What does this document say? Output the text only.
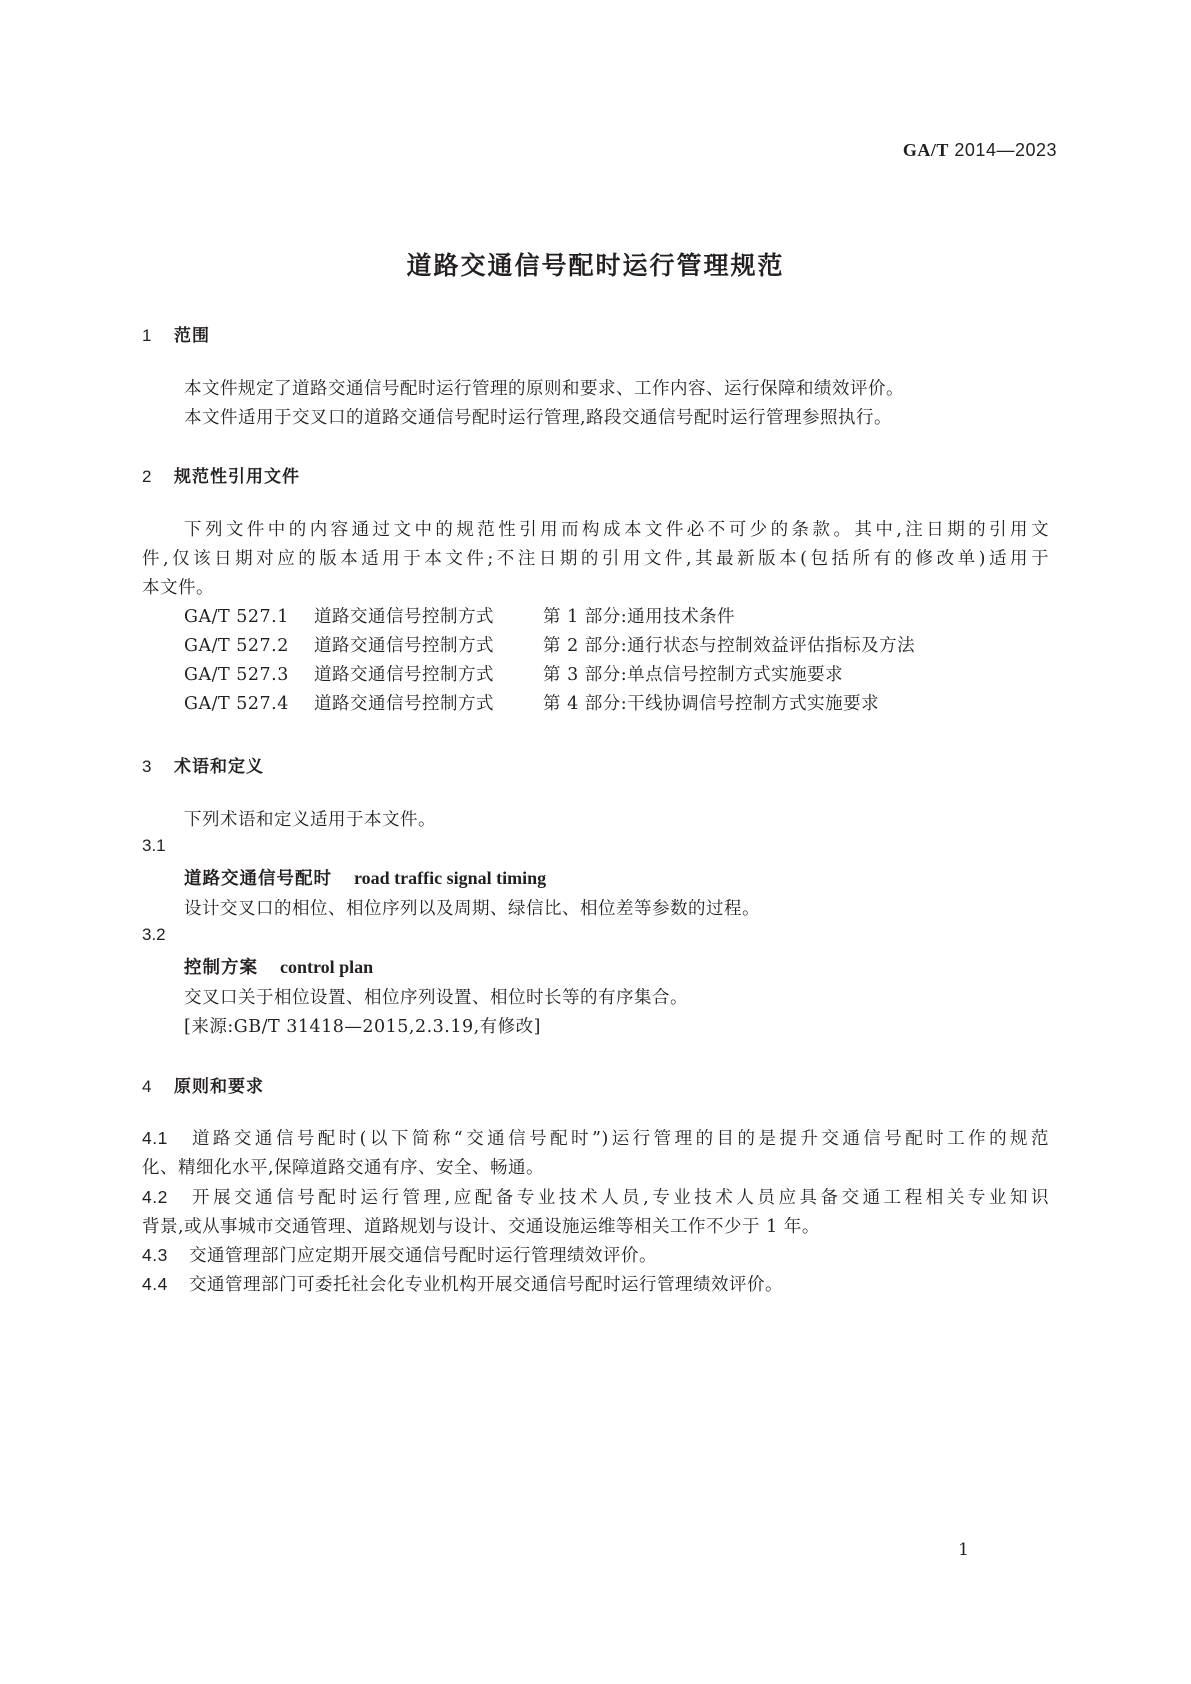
GA/T 2014—2023
道路交通信号配时运行管理规范
1 范围
本文件规定了道路交通信号配时运行管理的原则和要求、工作内容、运行保障和绩效评价。
本文件适用于交叉口的道路交通信号配时运行管理,路段交通信号配时运行管理参照执行。
2 规范性引用文件
下列文件中的内容通过文中的规范性引用而构成本文件必不可少的条款。其中,注日期的引用文
件,仅该日期对应的版本适用于本文件;不注日期的引用文件,其最新版本(包括所有的修改单)适用于
本文件。
GA/T 527.1 道路交通信号控制方式	第 1 部分:通用技术条件
GA/T 527.2 道路交通信号控制方式	第 2 部分:通行状态与控制效益评估指标及方法
GA/T 527.3 道路交通信号控制方式	第 3 部分:单点信号控制方式实施要求
GA/T 527.4 道路交通信号控制方式	第 4 部分:干线协调信号控制方式实施要求
3 术语和定义
下列术语和定义适用于本文件。
3.1
道路交通信号配时 road traffic signal timing
设计交叉口的相位、相位序列以及周期、绿信比、相位差等参数的过程。
3.2
控制方案 control plan
交叉口关于相位设置、相位序列设置、相位时长等的有序集合。
[来源:GB/T 31418—2015,2.3.19,有修改]
4 原则和要求
4.1 道路交通信号配时(以下简称“交通信号配时”)运行管理的目的是提升交通信号配时工作的规范
化、精细化水平,保障道路交通有序、安全、畅通。
4.2 开展交通信号配时运行管理,应配备专业技术人员,专业技术人员应具备交通工程相关专业知识
背景,或从事城市交通管理、道路规划与设计、交通设施运维等相关工作不少于 1 年。
4.3 交通管理部门应定期开展交通信号配时运行管理绩效评价。
4.4 交通管理部门可委托社会化专业机构开展交通信号配时运行管理绩效评价。
1
